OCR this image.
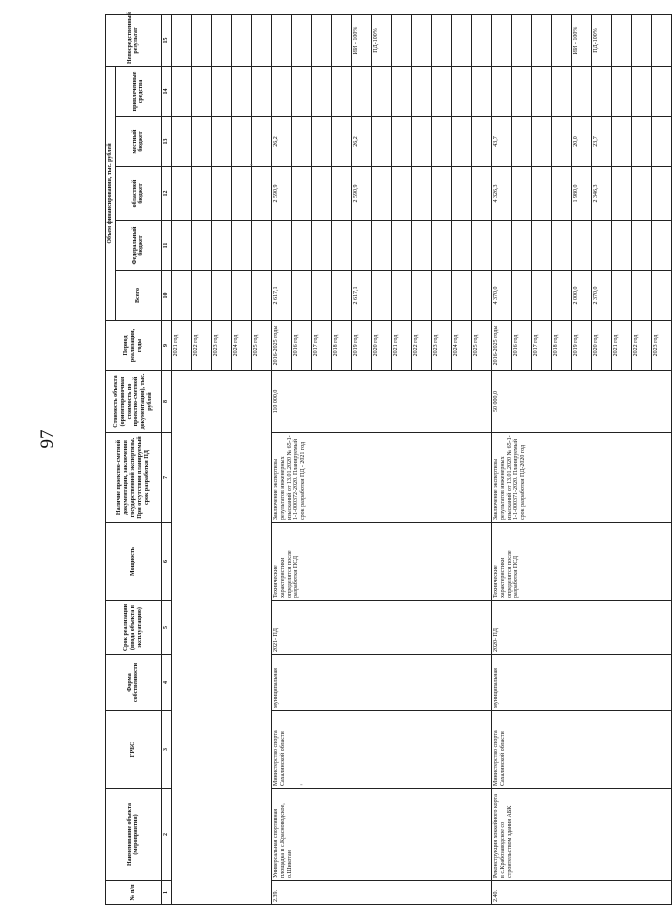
97
№ п/п	Наименование объекта (мероприятия)	ГРБС	Форма собственности	Срок реализации (ввода объекта в эксплуатацию)	Мощность	Наличие проектно-сметной документации, заключения государственной экспертизы. При отсутствии планируемый срок разработки ПД	Стоимость объекта (ориентировочная стоимость по проектно-сметной документации), тыс. рублей	Период реализации, годы	Объем финансирования, тыс. рублей					Непосредственный результат
									Всего	Федеральный бюджет	областной бюджет	местный бюджет	привлеченные средства	
1	2	3	4	5	6	7	8	9	10	11	12	13	14	15
								2021 год						
								2022 год						
								2023 год						
								2024 год						
								2025 год						
2.39.	Универсальная спортивная площадка в с.Красноводское, о.Шикотан	Министерство спорта Сахалинской области	муниципальная	2021- ПД	Технические характеристики определятся после разработки ПСД	Заключение экспертизы результатов инженерных изысканий от 13.01.2020 № 65-1-1-1-000372-2020. Планируемый срок разработки ПД - 2021 год	110 000,0	2016-2025 годы	2 617,1		2 590,9	26,2		
								2016 год						
								2017 год						
								2018 год						
								2019 год	2 617,1		2 590,9	26,2		ИИ - 100%
								2020 год						ПД-100%
								2021 год						
								2022 год						
								2023 год						
								2024 год						
								2025 год						
2.40.	Реконструкция хоккейного корта в с.Крабозаводское со строительством здания АБК	Министерство спорта Сахалинской области	муниципальная	2020- ПД	Технические характеристики определятся после разработки ПСД	Заключение экспертизы результатов инженерных изысканий от 13.01.2020 № 65-1-1-1-000371-2020. Планируемый срок разработки ПД-2020 год	50 000,0	2016-2025 годы	4 370,0		4 326,3	43,7		
								2016 год						
								2017 год						
								2018 год						
								2019 год	2 000,0		1 980,0	20,0		ИИ - 100%
								2020 год	2 370,0		2 346,3	23,7		ПД-100%
								2021 год						
								2022 год						
								2023 год						
-
-
